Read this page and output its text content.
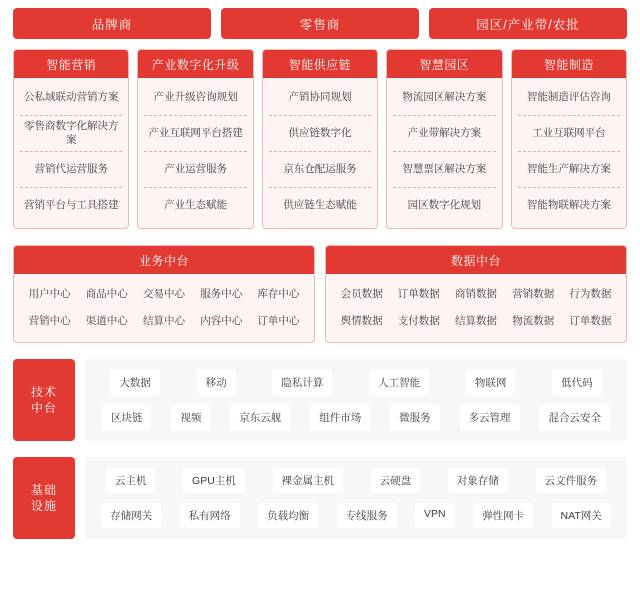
品牌商	零售商	园区/产业带/农批
智能营销
公私域联动营销方案
零售商数字化解决方案
营销代运营服务
营销平台与工具搭建
产业数字化升级
产业升级咨询规划
产业互联网平台搭建
产业运营服务
产业生态赋能
智能供应链
产销协同规划
供应链数字化
京东仓配运服务
供应链生态赋能
智慧园区
物流园区解决方案
产业带解决方案
智慧票区解决方案
园区数字化规划
智能制造
智能制造评估咨询
工业互联网平台
智能生产解决方案
智能物联解决方案
业务中台
用户中心	商品中心	交易中心	服务中心	库存中心
营销中心	渠道中心	结算中心	内容中心	订单中心
数据中台
会员数据	订单数据	商销数据	营销数据	行为数据
舆情数据	支付数据	结算数据	物流数据	订单数据
技术
中台
大数据	移动	隐私计算	人工智能	物联网	低代码
区块链	视频	京东云舰	组件市场	微服务	多云管理	混合云安全
基础
设施
云主机	GPU主机	裸金属主机	云硬盘	对象存储	云文件服务
存储网关	私有网络	负载均衡	专线服务	VPN	弹性网卡	NAT网关
